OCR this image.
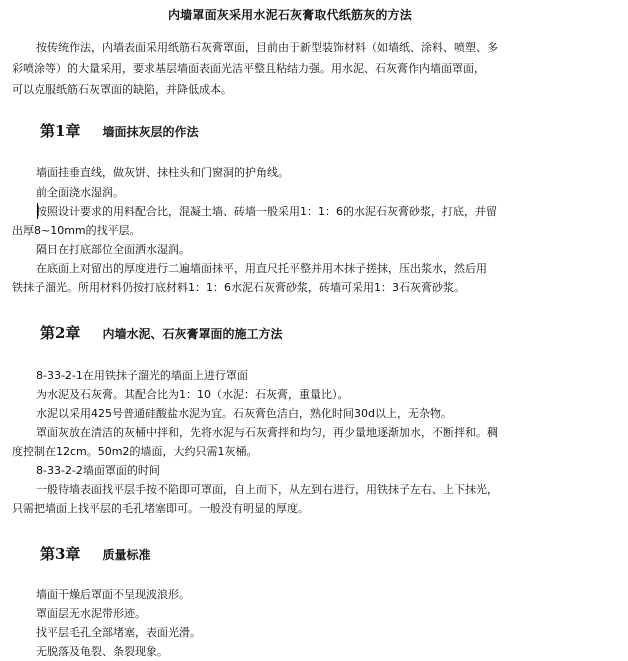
内墙罩面灰采用水泥石灰膏取代纸筋灰的方法
按传统作法，内墙表面采用纸筋石灰膏罩面，目前由于新型装饰材料（如墙纸、涂料、喷塑、多
彩喷涂等）的大量采用，要求基层墙面表面光洁平整且粘结力强。用水泥、石灰膏作内墙面罩面，
可以克服纸筋石灰罩面的缺陷，并降低成本。
第1章 墙面抹灰层的作法
墙面挂垂直线，做灰饼、抹柱头和门窗洞的护角线。
前全面浇水湿润。
按照设计要求的用料配合比，混凝土墙、砖墙一般采用1：1：6的水泥石灰膏砂浆，打底，并留
出厚8~10mm的找平层。
隔日在打底部位全面洒水湿润。
在底面上对留出的厚度进行二遍墙面抹平，用直尺托平整并用木抹子搓抹，压出浆水，然后用
铁抹子溜光。所用材料仍按打底材料1：1：6水泥石灰膏砂浆，砖墙可采用1：3石灰膏砂浆。
第2章 内墙水泥、石灰膏罩面的施工方法
8-33-2-1在用铁抹子溜光的墙面上进行罩面
为水泥及石灰膏。其配合比为1：10（水泥：石灰膏，重量比）。
水泥以采用425号普通硅酸盐水泥为宜。石灰膏色洁白，熟化时间30d以上，无杂物。
罩面灰放在清洁的灰桶中拌和，先将水泥与石灰膏拌和均匀，再少量地逐渐加水，不断拌和。稠
度控制在12cm。50m2的墙面，大约只需1灰桶。
8-33-2-2墙面罩面的时间
一般待墙表面找平层手按不陷即可罩面，自上而下，从左到右进行，用铁抹子左右、上下抹光，
只需把墙面上找平层的毛孔堵塞即可。一般没有明显的厚度。
第3章 质量标准
墙面干燥后罩面不呈现波浪形。
罩面层无水泥带形迹。
找平层毛孔全部堵塞，表面光滑。
无脱落及龟裂、条裂现象。
